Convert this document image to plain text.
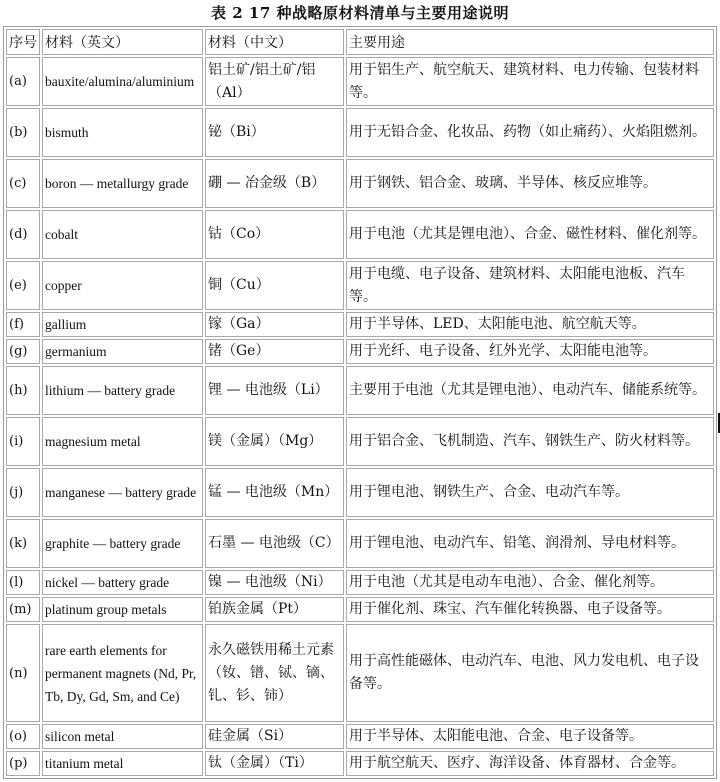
表 2 17 种战略原材料清单与主要用途说明
序号	材料（英文）	材料（中文）	主要用途
(a)	bauxite/alumina/aluminium	铝土矿/铝土矿/铝（Al）	用于铝生产、航空航天、建筑材料、电力传输、包装材料等。
(b)	bismuth	铋（Bi）	用于无铅合金、化妆品、药物（如止痛药）、火焰阻燃剂。
(c)	boron — metallurgy grade	硼 — 冶金级（B）	用于钢铁、铝合金、玻璃、半导体、核反应堆等。
(d)	cobalt	钴（Co）	用于电池（尤其是锂电池）、合金、磁性材料、催化剂等。
(e)	copper	铜（Cu）	用于电缆、电子设备、建筑材料、太阳能电池板、汽车等。
(f)	gallium	镓（Ga）	用于半导体、LED、太阳能电池、航空航天等。
(g)	germanium	锗（Ge）	用于光纤、电子设备、红外光学、太阳能电池等。
(h)	lithium — battery grade	锂 — 电池级（Li）	主要用于电池（尤其是锂电池）、电动汽车、储能系统等。
(i)	magnesium metal	镁（金属）（Mg）	用于铝合金、飞机制造、汽车、钢铁生产、防火材料等。
(j)	manganese — battery grade	锰 — 电池级（Mn）	用于锂电池、钢铁生产、合金、电动汽车等。
(k)	graphite — battery grade	石墨 — 电池级（C）	用于锂电池、电动汽车、铅笔、润滑剂、导电材料等。
(l)	nickel — battery grade	镍 — 电池级（Ni）	用于电池（尤其是电动车电池）、合金、催化剂等。
(m)	platinum group metals	铂族金属（Pt）	用于催化剂、珠宝、汽车催化转换器、电子设备等。
(n)	rare earth elements for permanent magnets (Nd, Pr, Tb, Dy, Gd, Sm, and Ce)	永久磁铁用稀土元素（钕、镨、铽、镝、钆、钐、铈）	用于高性能磁体、电动汽车、电池、风力发电机、电子设备等。
(o)	silicon metal	硅金属（Si）	用于半导体、太阳能电池、合金、电子设备等。
(p)	titanium metal	钛（金属）（Ti）	用于航空航天、医疗、海洋设备、体育器材、合金等。
